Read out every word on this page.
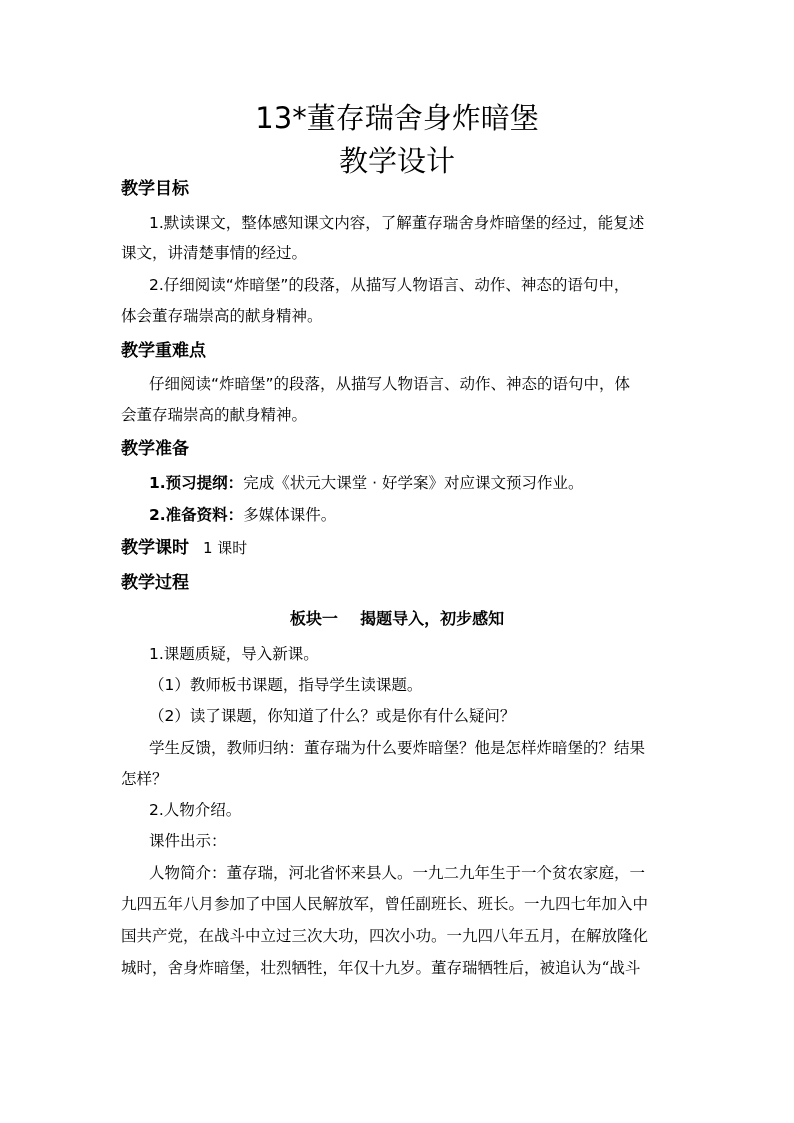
13*董存瑞舍身炸暗堡
教学设计
教学目标
1.默读课文，整体感知课文内容，了解董存瑞舍身炸暗堡的经过，能复述
课文，讲清楚事情的经过。
2.仔细阅读“炸暗堡”的段落，从描写人物语言、动作、神态的语句中，
体会董存瑞崇高的献身精神。
教学重难点
仔细阅读“炸暗堡”的段落，从描写人物语言、动作、神态的语句中，体
会董存瑞崇高的献身精神。
教学准备
1.预习提纲：完成《状元大课堂 · 好学案》对应课文预习作业。
2.准备资料：多媒体课件。
教学课时 1 课时
教学过程
板块一    揭题导入，初步感知
1.课题质疑，导入新课。
（1）教师板书课题，指导学生读课题。
（2）读了课题，你知道了什么？或是你有什么疑问？
学生反馈，教师归纳：董存瑞为什么要炸暗堡？他是怎样炸暗堡的？结果
怎样？
2.人物介绍。
课件出示：
人物简介：董存瑞，河北省怀来县人。一九二九年生于一个贫农家庭，一
九四五年八月参加了中国人民解放军，曾任副班长、班长。一九四七年加入中
国共产党，在战斗中立过三次大功，四次小功。一九四八年五月，在解放隆化
城时，舍身炸暗堡，壮烈牺牲，年仅十九岁。董存瑞牺牲后，被追认为“战斗
